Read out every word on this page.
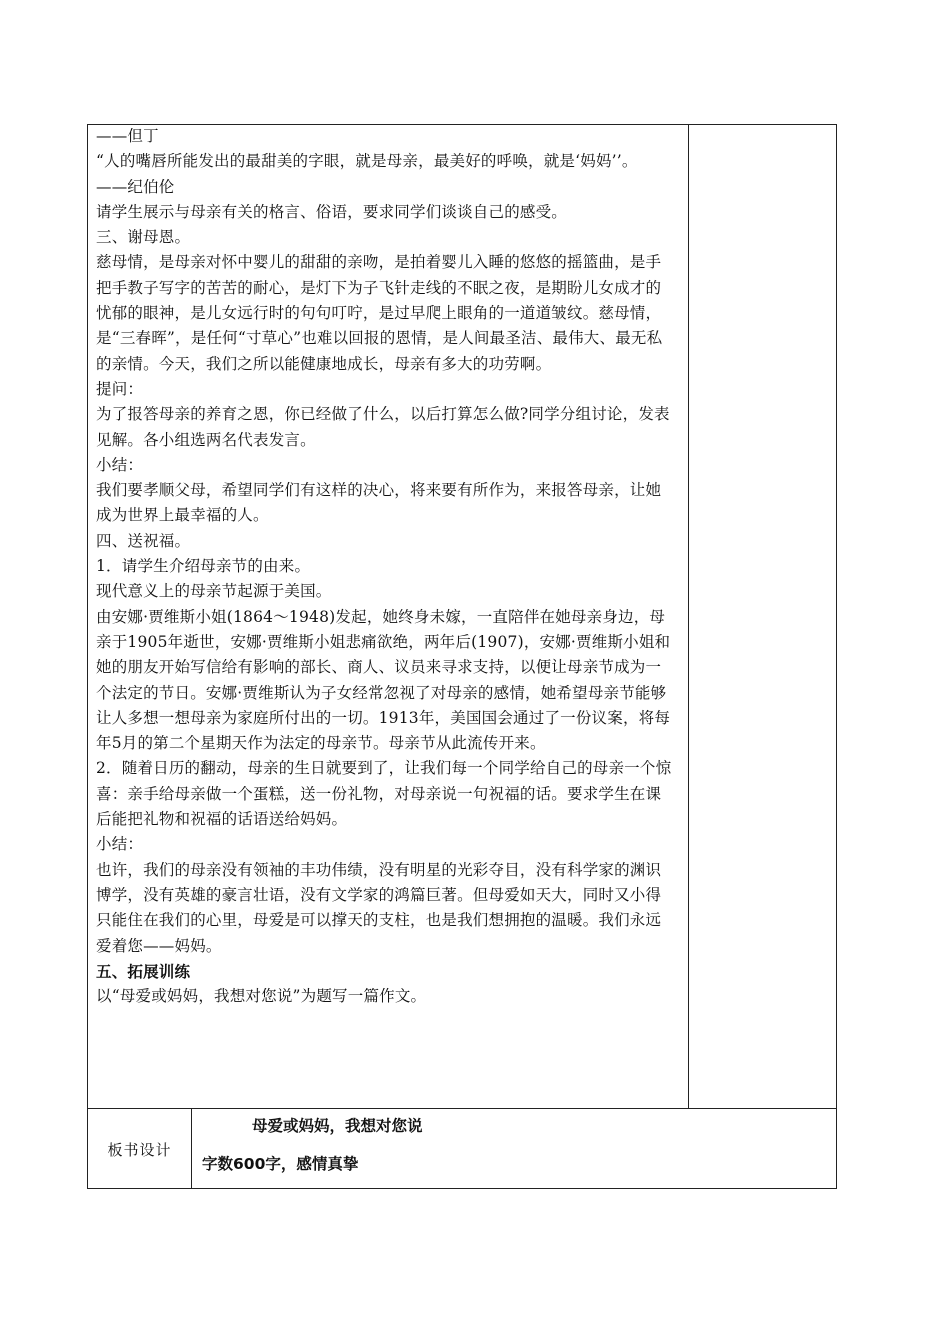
——但丁

“人的嘴唇所能发出的最甜美的字眼，就是母亲，最美好的呼唤，就是‘妈妈’’。

——纪伯伦

请学生展示与母亲有关的格言、俗语，要求同学们谈谈自己的感受。

三、谢母恩。

慈母情，是母亲对怀中婴儿的甜甜的亲吻，是拍着婴儿入睡的悠悠的摇篮曲，是手把手教子写字的苦苦的耐心，是灯下为子飞针走线的不眠之夜，是期盼儿女成才的忧郁的眼神，是儿女远行时的句句叮咛，是过早爬上眼角的一道道皱纹。慈母情，是“三春晖”，是任何“寸草心”也难以回报的恩情，是人间最圣洁、最伟大、最无私的亲情。今天，我们之所以能健康地成长，母亲有多大的功劳啊。

提问：

为了报答母亲的养育之恩，你已经做了什么，以后打算怎么做?同学分组讨论，发表见解。各小组选两名代表发言。

小结：

我们要孝顺父母，希望同学们有这样的决心，将来要有所作为，来报答母亲，让她成为世界上最幸福的人。

四、送祝福。

1．请学生介绍母亲节的由来。

现代意义上的母亲节起源于美国。

由安娜·贾维斯小姐(1864～1948)发起，她终身未嫁，一直陪伴在她母亲身边，母亲于1905年逝世，安娜·贾维斯小姐悲痛欲绝，两年后(1907)，安娜·贾维斯小姐和她的朋友开始写信给有影响的部长、商人、议员来寻求支持，以便让母亲节成为一个法定的节日。安娜·贾维斯认为子女经常忽视了对母亲的感情，她希望母亲节能够让人多想一想母亲为家庭所付出的一切。1913年，美国国会通过了一份议案，将每年5月的第二个星期天作为法定的母亲节。母亲节从此流传开来。

2．随着日历的翻动，母亲的生日就要到了，让我们每一个同学给自己的母亲一个惊喜：亲手给母亲做一个蛋糕，送一份礼物，对母亲说一句祝福的话。要求学生在课后能把礼物和祝福的话语送给妈妈。

小结：

也许，我们的母亲没有领袖的丰功伟绩，没有明星的光彩夺目，没有科学家的渊识博学，没有英雄的豪言壮语，没有文学家的鸿篇巨著。但母爱如天大，同时又小得只能住在我们的心里，母爱是可以撑天的支柱，也是我们想拥抱的温暖。我们永远爱着您——妈妈。

五、拓展训练

以“母爱或妈妈，我想对您说”为题写一篇作文。

板书设计
母爱或妈妈，我想对您说
字数600字，感情真挚
